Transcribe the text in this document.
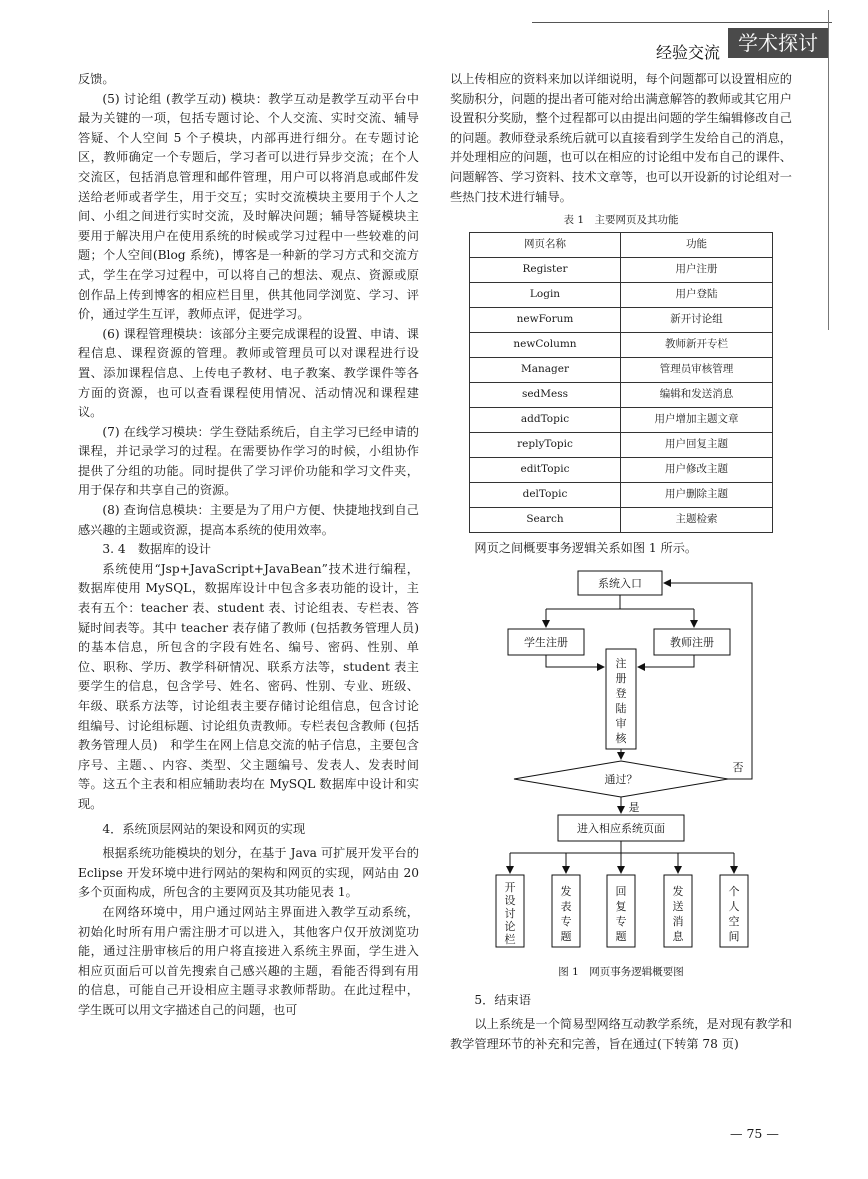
经验交流 学术探讨

反馈。

(5) 讨论组 (教学互动) 模块：教学互动是教学互动平台中最为关键的一项，包括专题讨论、个人交流、实时交流、辅导答疑、个人空间 5 个子模块，内部再进行细分。在专题讨论区，教师确定一个专题后，学习者可以进行异步交流；在个人交流区，包括消息管理和邮件管理，用户可以将消息或邮件发送给老师或者学生，用于交互；实时交流模块主要用于个人之间、小组之间进行实时交流，及时解决问题；辅导答疑模块主要用于解决用户在使用系统的时候或学习过程中一些较难的问题；个人空间(Blog 系统)，博客是一种新的学习方式和交流方式，学生在学习过程中，可以将自己的想法、观点、资源或原创作品上传到博客的相应栏目里，供其他同学浏览、学习、评价，通过学生互评，教师点评，促进学习。

(6) 课程管理模块：该部分主要完成课程的设置、申请、课程信息、课程资源的管理。教师或管理员可以对课程进行设置、添加课程信息、上传电子教材、电子教案、教学课件等各方面的资源，也可以查看课程使用情况、活动情况和课程建议。

(7) 在线学习模块：学生登陆系统后，自主学习已经申请的课程，并记录学习的过程。在需要协作学习的时候，小组协作提供了分组的功能。同时提供了学习评价功能和学习文件夹，用于保存和共享自己的资源。

(8) 查询信息模块：主要是为了用户方便、快捷地找到自己感兴趣的主题或资源，提高本系统的使用效率。

3. 4　数据库的设计

系统使用“Jsp+JavaScript+JavaBean”技术进行编程，数据库使用 MySQL，数据库设计中包含多表功能的设计，主表有五个：teacher 表、student 表、讨论组表、专栏表、答疑时间表等。其中 teacher 表存储了教师 (包括教务管理人员) 的基本信息，所包含的字段有姓名、编号、密码、性别、单位、职称、学历、教学科研情况、联系方法等，student 表主要学生的信息，包含学号、姓名、密码、性别、专业、班级、年级、联系方法等，讨论组表主要存储讨论组信息，包含讨论组编号、讨论组标题、讨论组负责教师。专栏表包含教师 (包括教务管理人员)　和学生在网上信息交流的帖子信息，主要包含序号、主题、、内容、类型、父主题编号、发表人、发表时间等。这五个主表和相应辅助表均在 MySQL 数据库中设计和实现。

4．系统顶层网站的架设和网页的实现

根据系统功能模块的划分，在基于 Java 可扩展开发平台的 Eclipse 开发环境中进行网站的架构和网页的实现，网站由 20 多个页面构成，所包含的主要网页及其功能见表 1。

在网络环境中，用户通过网站主界面进入教学互动系统，初始化时所有用户需注册才可以进入，其他客户仅开放浏览功能，通过注册审核后的用户将直接进入系统主界面，学生进入相应页面后可以首先搜索自己感兴趣的主题，看能否得到有用的信息，可能自己开设相应主题寻求教师帮助。在此过程中，学生既可以用文字描述自己的问题，也可

以上传相应的资料来加以详细说明，每个问题都可以设置相应的奖励积分，问题的提出者可能对给出满意解答的教师或其它用户设置积分奖励，整个过程都可以由提出问题的学生编辑修改自己的问题。教师登录系统后就可以直接看到学生发给自己的消息，并处理相应的问题，也可以在相应的讨论组中发布自己的课件、问题解答、学习资料、技术文章等，也可以开设新的讨论组对一些热门技术进行辅导。

表 1　主要网页及其功能
网页名称	功能
Register	用户注册
Login	用户登陆
newForum	新开讨论组
newColumn	教师新开专栏
Manager	管理员审核管理
sedMess	编辑和发送消息
addTopic	用户增加主题文章
replyTopic	用户回复主题
editTopic	用户修改主题
delTopic	用户删除主题
Search	主题检索

网页之间概要事务逻辑关系如图 1 所示。

系统入口
学生注册	教师注册
通过？
否
是
进入相应系统页面
注
册
登
陆
审
核
开
设
讨
论
栏
发
表
专
题
回
复
专
题
发
送
消
息
个
人
空
间
图 1　网页事务逻辑概要图

5．结束语

以上系统是一个简易型网络互动教学系统，是对现有教学和教学管理环节的补充和完善，旨在通过(下转第 78 页)

— 75 —
